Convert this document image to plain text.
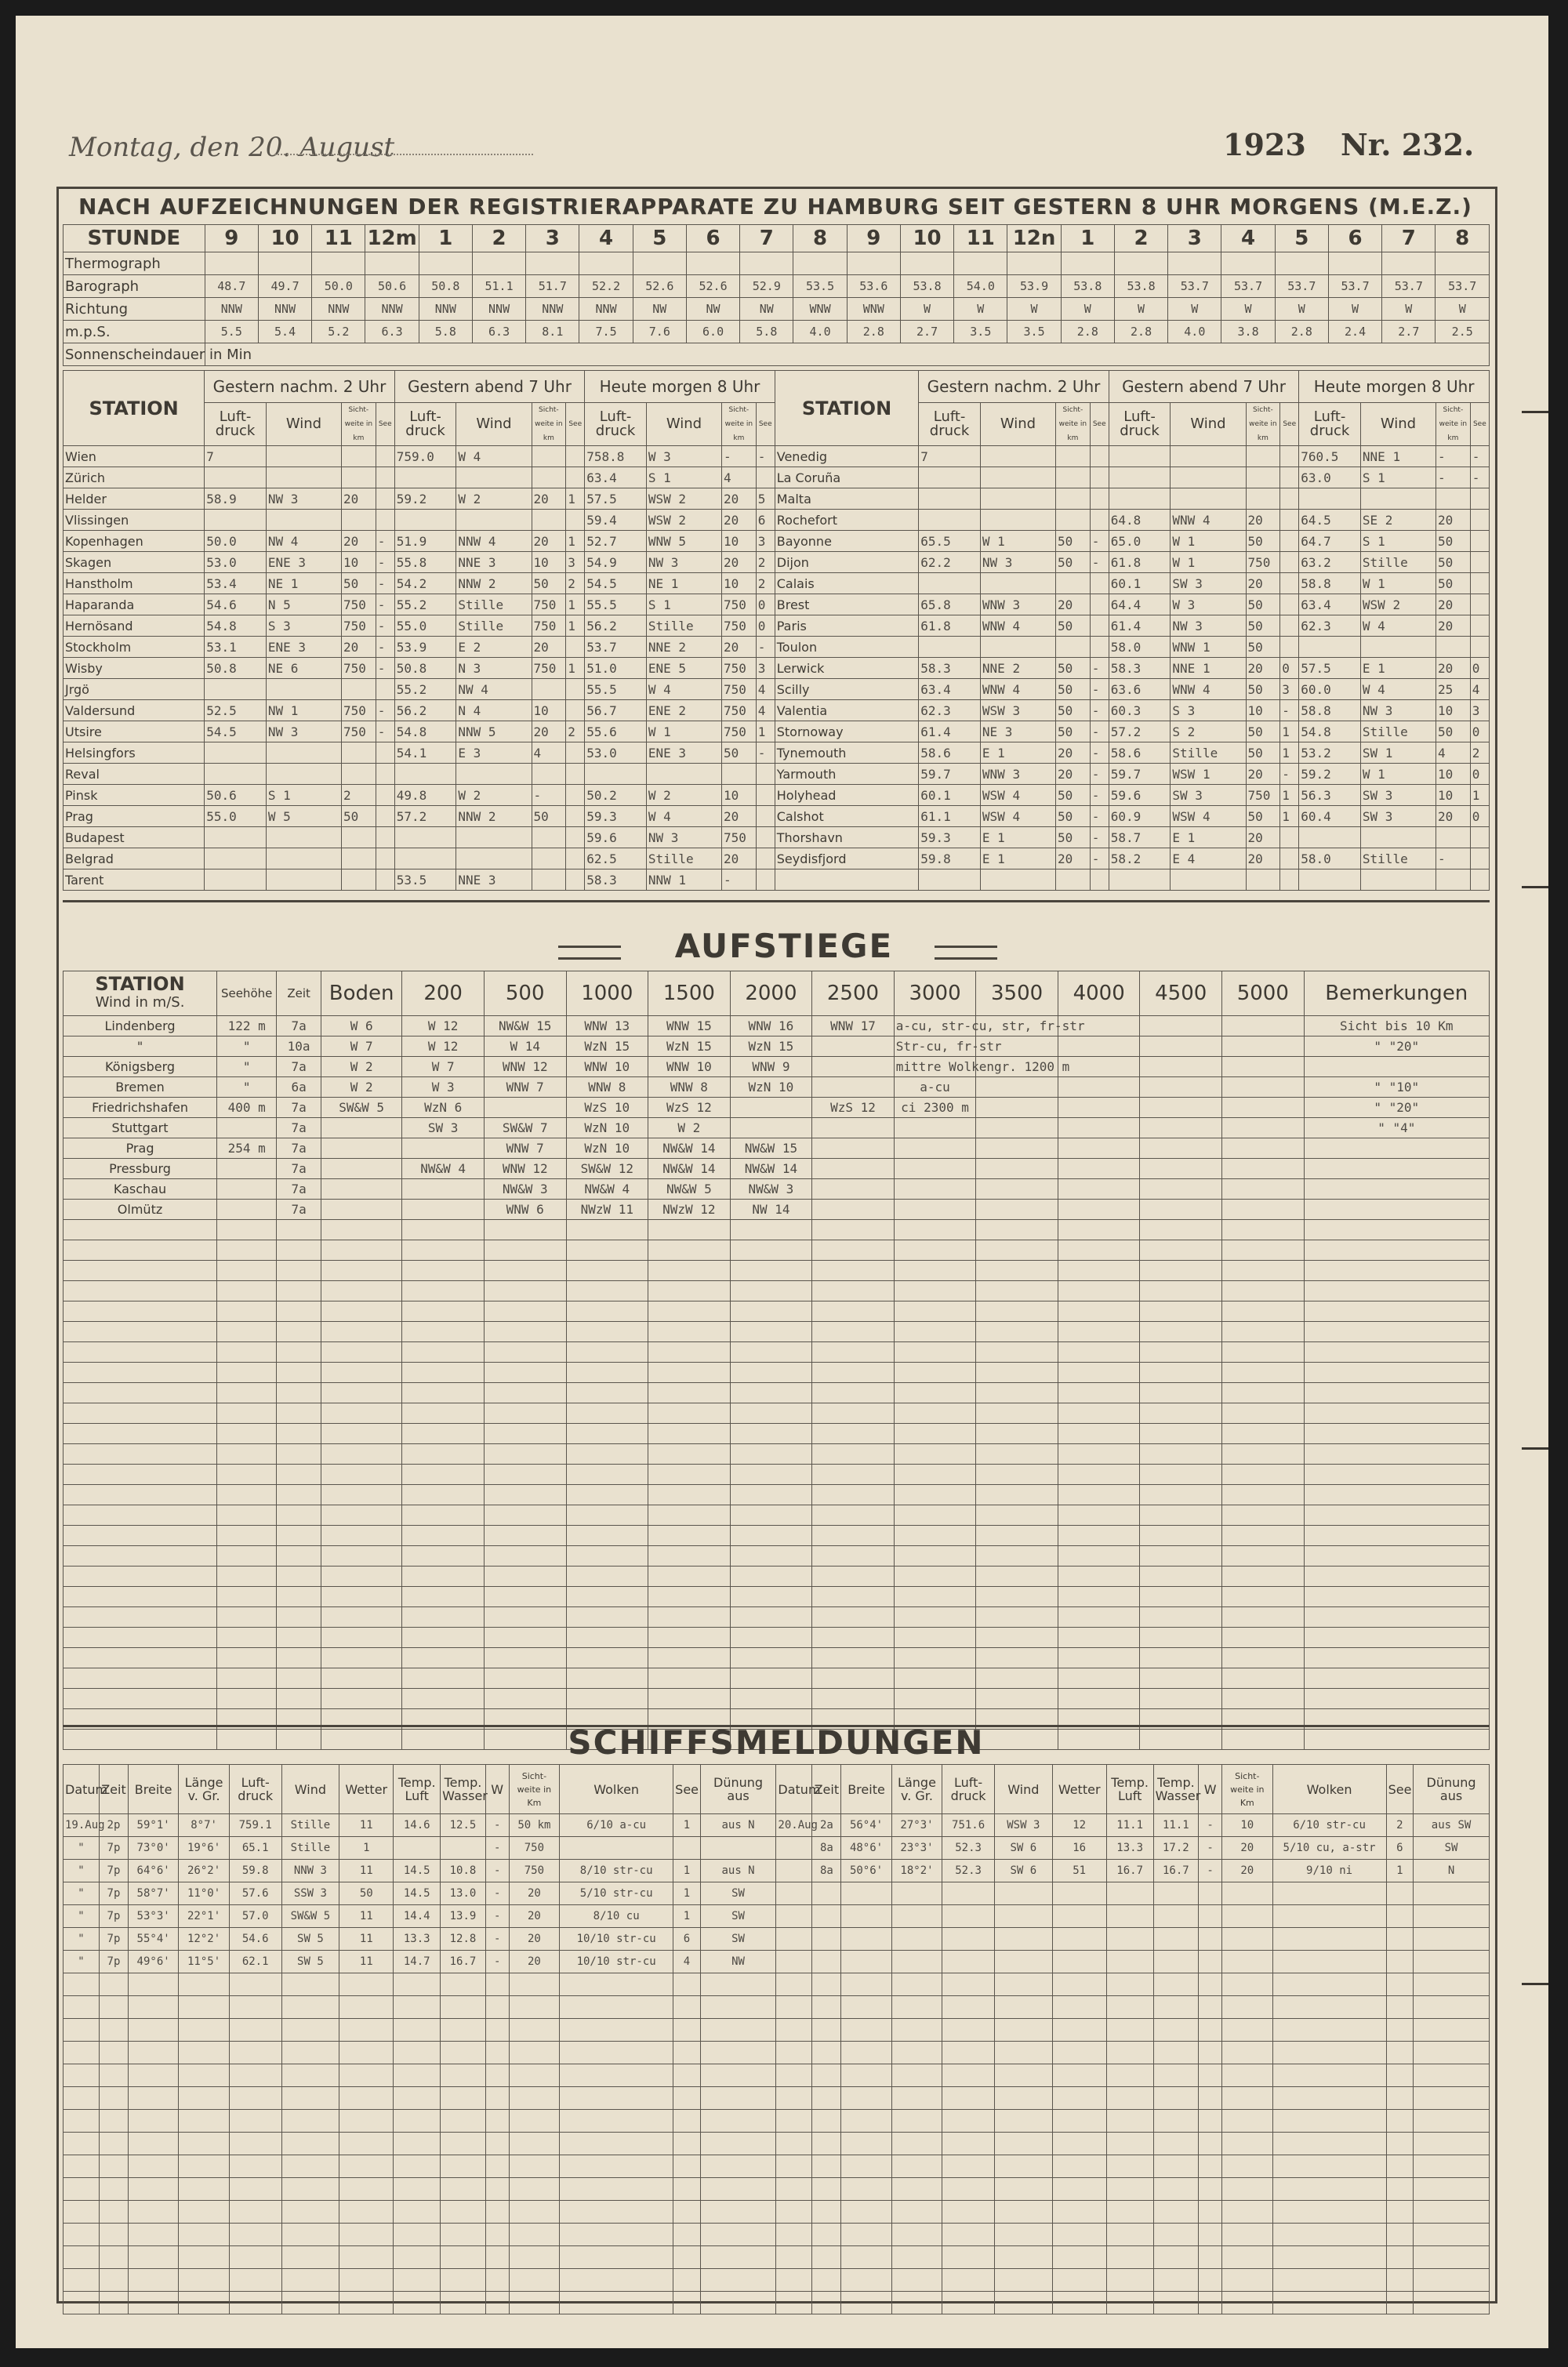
Montag, den 20. August	1923 Nr. 232.
NACH AUFZEICHNUNGEN DER REGISTRIERAPPARATE ZU HAMBURG SEIT GESTERN 8 UHR MORGENS (M.E.Z.)
STUNDE	9	10	11	12m	1	2	3	4	5	6	7	8	9	10	11	12n	1	2	3	4	5	6	7	8
Thermograph																								
Barograph	48.7	49.7	50.0	50.6	50.8	51.1	51.7	52.2	52.6	52.6	52.9	53.5	53.6	53.8	54.0	53.9	53.8	53.8	53.7	53.7	53.7	53.7	53.7	53.7
Richtung	NNW	NNW	NNW	NNW	NNW	NNW	NNW	NNW	NW	NW	NW	WNW	WNW	W	W	W	W	W	W	W	W	W	W	W
m.p.S.	5.5	5.4	5.2	6.3	5.8	6.3	8.1	7.5	7.6	6.0	5.8	4.0	2.8	2.7	3.5	3.5	2.8	2.8	4.0	3.8	2.8	2.4	2.7	2.5
Sonnenscheindauer in Min																								
STATION	Gestern nachm. 2 Uhr				Gestern abend 7 Uhr				Heute morgen 8 Uhr				STATION	Gestern nachm. 2 Uhr				Gestern abend 7 Uhr				Heute morgen 8 Uhr			
	Luft-druck	Wind	Sicht-weite in km	See	Luft-druck	Wind	Sicht-weite in km	See	Luft-druck	Wind	Sicht-weite in km	See		Luft-druck	Wind	Sicht-weite in km	See	Luft-druck	Wind	Sicht-weite in km	See	Luft-druck	Wind	Sicht-weite in km	See
Wien	7				759.0	W 4			758.8	W 3	-	-	Venedig	7								760.5	NNE 1	-	-
Zürich									63.4	S 1	4		La Coruña									63.0	S 1	-	-
Helder	58.9	NW 3	20		59.2	W 2	20	1	57.5	WSW 2	20	5	Malta												
Vlissingen									59.4	WSW 2	20	6	Rochefort					64.8	WNW 4	20		64.5	SE 2	20	
Kopenhagen	50.0	NW 4	20	-	51.9	NNW 4	20	1	52.7	WNW 5	10	3	Bayonne	65.5	W 1	50	-	65.0	W 1	50		64.7	S 1	50	
Skagen	53.0	ENE 3	10	-	55.8	NNE 3	10	3	54.9	NW 3	20	2	Dijon	62.2	NW 3	50	-	61.8	W 1	750		63.2	Stille	50	
Hanstholm	53.4	NE 1	50	-	54.2	NNW 2	50	2	54.5	NE 1	10	2	Calais					60.1	SW 3	20		58.8	W 1	50	
Haparanda	54.6	N 5	750	-	55.2	Stille	750	1	55.5	S 1	750	0	Brest	65.8	WNW 3	20		64.4	W 3	50		63.4	WSW 2	20	
Hernösand	54.8	S 3	750	-	55.0	Stille	750	1	56.2	Stille	750	0	Paris	61.8	WNW 4	50		61.4	NW 3	50		62.3	W 4	20	
Stockholm	53.1	ENE 3	20	-	53.9	E 2	20		53.7	NNE 2	20	-	Toulon					58.0	WNW 1	50					
Wisby	50.8	NE 6	750	-	50.8	N 3	750	1	51.0	ENE 5	750	3	Lerwick	58.3	NNE 2	50	-	58.3	NNE 1	20	0	57.5	E 1	20	0
Jrgö					55.2	NW 4			55.5	W 4	750	4	Scilly	63.4	WNW 4	50	-	63.6	WNW 4	50	3	60.0	W 4	25	4
Valdersund	52.5	NW 1	750	-	56.2	N 4	10		56.7	ENE 2	750	4	Valentia	62.3	WSW 3	50	-	60.3	S 3	10	-	58.8	NW 3	10	3
Utsire	54.5	NW 3	750	-	54.8	NNW 5	20	2	55.6	W 1	750	1	Stornoway	61.4	NE 3	50	-	57.2	S 2	50	1	54.8	Stille	50	0
Helsingfors					54.1	E 3	4		53.0	ENE 3	50	-	Tynemouth	58.6	E 1	20	-	58.6	Stille	50	1	53.2	SW 1	4	2
Reval													Yarmouth	59.7	WNW 3	20	-	59.7	WSW 1	20	-	59.2	W 1	10	0
Pinsk	50.6	S 1	2		49.8	W 2	-		50.2	W 2	10		Holyhead	60.1	WSW 4	50	-	59.6	SW 3	750	1	56.3	SW 3	10	1
Prag	55.0	W 5	50		57.2	NNW 2	50		59.3	W 4	20		Calshot	61.1	WSW 4	50	-	60.9	WSW 4	50	1	60.4	SW 3	20	0
Budapest									59.6	NW 3	750		Thorshavn	59.3	E 1	50	-	58.7	E 1	20					
Belgrad									62.5	Stille	20		Seydisfjord	59.8	E 1	20	-	58.2	E 4	20		58.0	Stille	-	
Tarent					53.5	NNE 3			58.3	NNW 1	-														
AUFSTIEGE
STATION
Wind in m/S.	Seehöhe	Zeit	Boden	200	500	1000	1500	2000	2500	3000	3500	4000	4500	5000	Bemerkungen
Lindenberg	122 m	7a	W 6	W 12	NW&W 15	WNW 13	WNW 15	WNW 16	WNW 17	a-cu, str-cu, str, fr-str					Sicht bis 10 Km
"	"	10a	W 7	W 12	W 14	WzN 15	WzN 15	WzN 15		Str-cu, fr-str					" "20"
Königsberg	"	7a	W 2	W 7	WNW 12	WNW 10	WNW 10	WNW 9		mittre Wolkengr. 1200 m					
Bremen	"	6a	W 2	W 3	WNW 7	WNW 8	WNW 8	WzN 10		a-cu					" "10"
Friedrichshafen	400 m	7a	SW&W 5	WzN 6		WzS 10	WzS 12		WzS 12	ci 2300 m					" "20"
Stuttgart		7a		SW 3	SW&W 7	WzN 10	W 2								" "4"
Prag	254 m	7a			WNW 7	WzN 10	NW&W 14	NW&W 15							
Pressburg		7a		NW&W 4	WNW 12	SW&W 12	NW&W 14	NW&W 14							
Kaschau		7a			NW&W 3	NW&W 4	NW&W 5	NW&W 3							
Olmütz		7a			WNW 6	NWzW 11	NWzW 12	NW 14							

SCHIFFSMELDUNGEN
Datum	Zeit	Breite	Länge v. Gr.	Luft-druck	Wind	Wetter	Temp. Luft	Temp. Wasser	W	Sicht-weite in Km	Wolken	See	Dünung aus	Datum	Zeit	Breite	Länge v. Gr.	Luft-druck	Wind	Wetter	Temp. Luft	Temp. Wasser	W	Sicht-weite in Km	Wolken	See	Dünung aus
19.Aug	2p	59°1'	8°7'	759.1	Stille	11	14.6	12.5	-	50 km	6/10 a-cu	1	aus N	20.Aug	2a	56°4'	27°3'	751.6	WSW 3	12	11.1	11.1	-	10	6/10 str-cu	2	aus SW
"	7p	73°0'	19°6'	65.1	Stille	1			-	750					8a	48°6'	23°3'	52.3	SW 6	16	13.3	17.2	-	20	5/10 cu, a-str	6	SW
"	7p	64°6'	26°2'	59.8	NNW 3	11	14.5	10.8	-	750	8/10 str-cu	1	aus N		8a	50°6'	18°2'	52.3	SW 6	51	16.7	16.7	-	20	9/10 ni	1	N
"	7p	58°7'	11°0'	57.6	SSW 3	50	14.5	13.0	-	20	5/10 str-cu	1	SW														
"	7p	53°3'	22°1'	57.0	SW&W 5	11	14.4	13.9	-	20	8/10 cu	1	SW														
"	7p	55°4'	12°2'	54.6	SW 5	11	13.3	12.8	-	20	10/10 str-cu	6	SW														
"	7p	49°6'	11°5'	62.1	SW 5	11	14.7	16.7	-	20	10/10 str-cu	4	NW														
